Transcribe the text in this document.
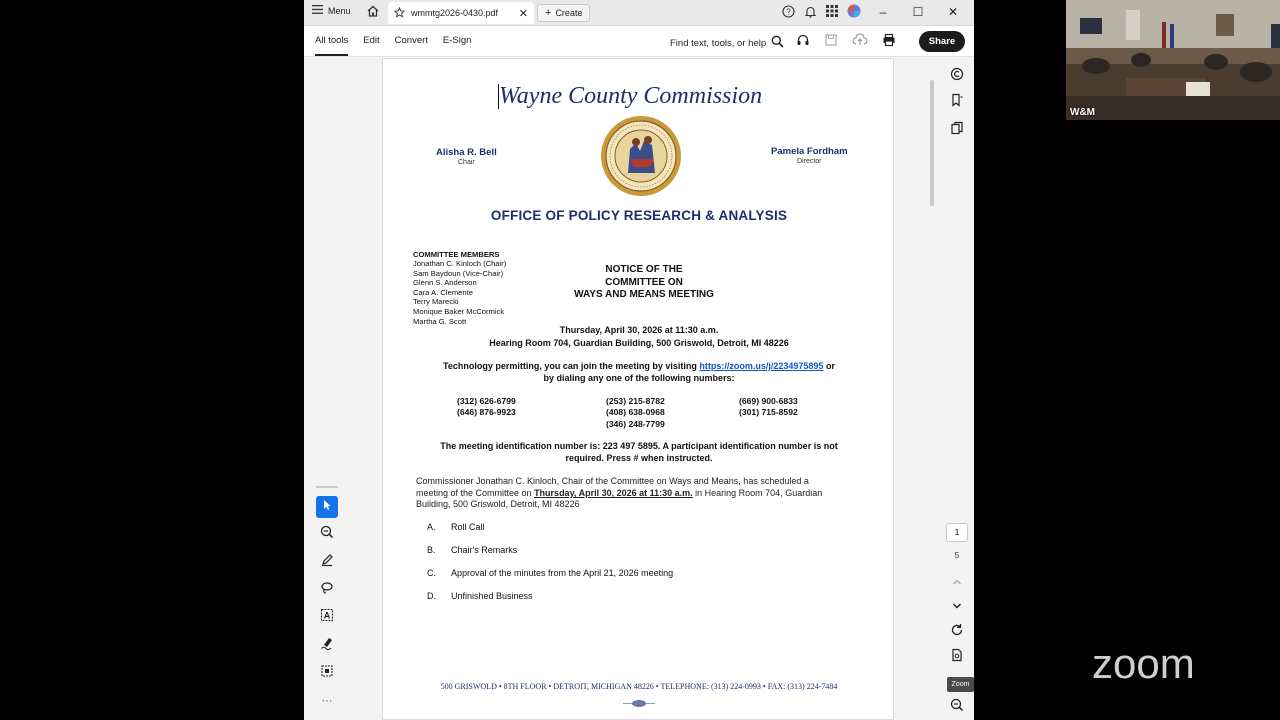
Menu	wmmtg2026-0430.pdf	✕ + Create	?	–	☐	✕
All tools Edit Convert E-Sign	Find text, tools, or help	Share
A
···
Wayne County Commission
Alisha R. Bell
Chair
Pamela Fordham
Director
OFFICE OF POLICY RESEARCH & ANALYSIS
COMMITTEE MEMBERS
Jonathan C. Kinloch (Chair)
Sam Baydoun (Vice-Chair)
Glenn S. Anderson
Cara A. Clemente
Terry Marecki
Monique Baker McCormick
Martha G. Scott
NOTICE OF THE
COMMITTEE ON
WAYS AND MEANS MEETING
Thursday, April 30, 2026 at 11:30 a.m.
Hearing Room 704, Guardian Building, 500 Griswold, Detroit, MI 48226
Technology permitting, you can join the meeting by visiting https://zoom.us/j/2234975895 or
by dialing any one of the following numbers:
(312) 626-6799
(646) 876-9923
(253) 215-8782
(408) 638-0968
(346) 248-7799
(669) 900-6833
(301) 715-8592
The meeting identification number is: 223 497 5895. A participant identification number is not
required. Press # when instructed.
Commissioner Jonathan C. Kinloch, Chair of the Committee on Ways and Means, has scheduled a
meeting of the Committee on Thursday, April 30, 2026 at 11:30 a.m. in Hearing Room 704, Guardian
Building, 500 Griswold, Detroit, MI 48226
A. Roll Call
B. Chair's Remarks
C. Approval of the minutes from the April 21, 2026 meeting
D. Unfinished Business
500 GRISWOLD • 8TH FLOOR • DETROIT, MICHIGAN 48226 • TELEPHONE: (313) 224-0993 • FAX: (313) 224-7484
1
5
Zoom
W&M
zoom
